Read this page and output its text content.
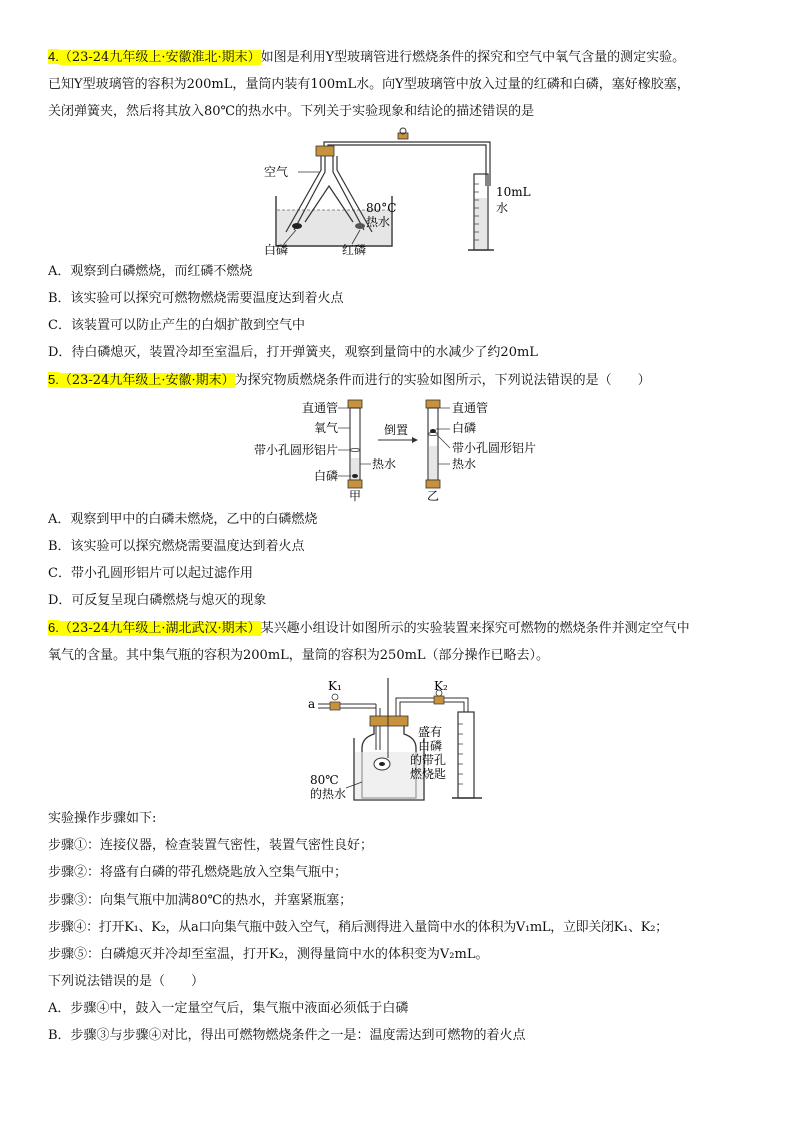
4.（23-24九年级上·安徽淮北·期末）如图是利用Y型玻璃管进行燃烧条件的探究和空气中氧气含量的测定实验。
已知Y型玻璃管的容积为200mL，量筒内装有100mL水。向Y型玻璃管中放入过量的红磷和白磷，塞好橡胶塞，
关闭弹簧夹，然后将其放入80℃的热水中。下列关于实验现象和结论的描述错误的是
空气
80°C
热水
白磷	红磷
10mL
水
A．观察到白磷燃烧，而红磷不燃烧
B．该实验可以探究可燃物燃烧需要温度达到着火点
C．该装置可以防止产生的白烟扩散到空气中
D．待白磷熄灭，装置冷却至室温后，打开弹簧夹，观察到量筒中的水减少了约20mL
5.（23-24九年级上·安徽·期末）为探究物质燃烧条件而进行的实验如图所示，下列说法错误的是（　　）
倒置
直通管
氧气
带小孔圆形铝片
白磷
热水
甲
直通管
白磷
带小孔圆形铝片
热水
乙
A．观察到甲中的白磷未燃烧，乙中的白磷燃烧
B．该实验可以探究燃烧需要温度达到着火点
C．带小孔圆形铝片可以起过滤作用
D．可反复呈现白磷燃烧与熄灭的现象
6.（23-24九年级上·湖北武汉·期末）某兴趣小组设计如图所示的实验装置来探究可燃物的燃烧条件并测定空气中
氧气的含量。其中集气瓶的容积为200mL，量筒的容积为250mL（部分操作已略去）。
K₁	K₂
a
盛有
白磷
的带孔
燃烧匙
80℃
的热水
实验操作步骤如下:
步骤①：连接仪器，检查装置气密性，装置气密性良好；
步骤②：将盛有白磷的带孔燃烧匙放入空集气瓶中；
步骤③：向集气瓶中加满80℃的热水，并塞紧瓶塞；
步骤④：打开K₁、K₂，从a口向集气瓶中鼓入空气，稍后测得进入量筒中水的体积为V₁mL，立即关闭K₁、K₂；
步骤⑤：白磷熄灭并冷却至室温，打开K₂，测得量筒中水的体积变为V₂mL。
下列说法错误的是（　　）
A．步骤④中，鼓入一定量空气后，集气瓶中液面必须低于白磷
B．步骤③与步骤④对比，得出可燃物燃烧条件之一是：温度需达到可燃物的着火点
